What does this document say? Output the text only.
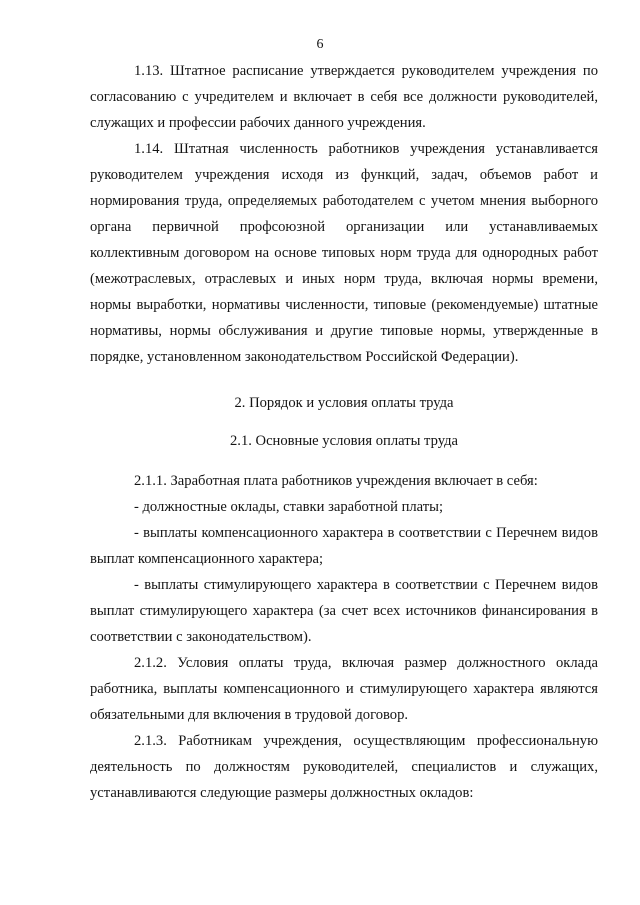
6

1.13. Штатное расписание утверждается руководителем учреждения по согласованию с учредителем и включает в себя все должности руководителей, служащих и профессии рабочих данного учреждения.

1.14. Штатная численность работников учреждения устанавливается руководителем учреждения исходя из функций, задач, объемов работ и нормирования труда, определяемых работодателем с учетом мнения выборного органа первичной профсоюзной организации или устанавливаемых коллективным договором на основе типовых норм труда для однородных работ (межотраслевых, отраслевых и иных норм труда, включая нормы времени, нормы выработки, нормативы численности, типовые (рекомендуемые) штатные нормативы, нормы обслуживания и другие типовые нормы, утвержденные в порядке, установленном законодательством Российской Федерации).

2. Порядок и условия оплаты труда
2.1. Основные условия оплаты труда

2.1.1. Заработная плата работников учреждения включает в себя:

- должностные оклады, ставки заработной платы;

- выплаты компенсационного характера в соответствии с Перечнем видов выплат компенсационного характера;

- выплаты стимулирующего характера в соответствии с Перечнем видов выплат стимулирующего характера (за счет всех источников финансирования в соответствии с законодательством).

2.1.2. Условия оплаты труда, включая размер должностного оклада работника, выплаты компенсационного и стимулирующего характера являются обязательными для включения в трудовой договор.

2.1.3. Работникам учреждения, осуществляющим профессиональную деятельность по должностям руководителей, специалистов и служащих, устанавливаются следующие размеры должностных окладов:
